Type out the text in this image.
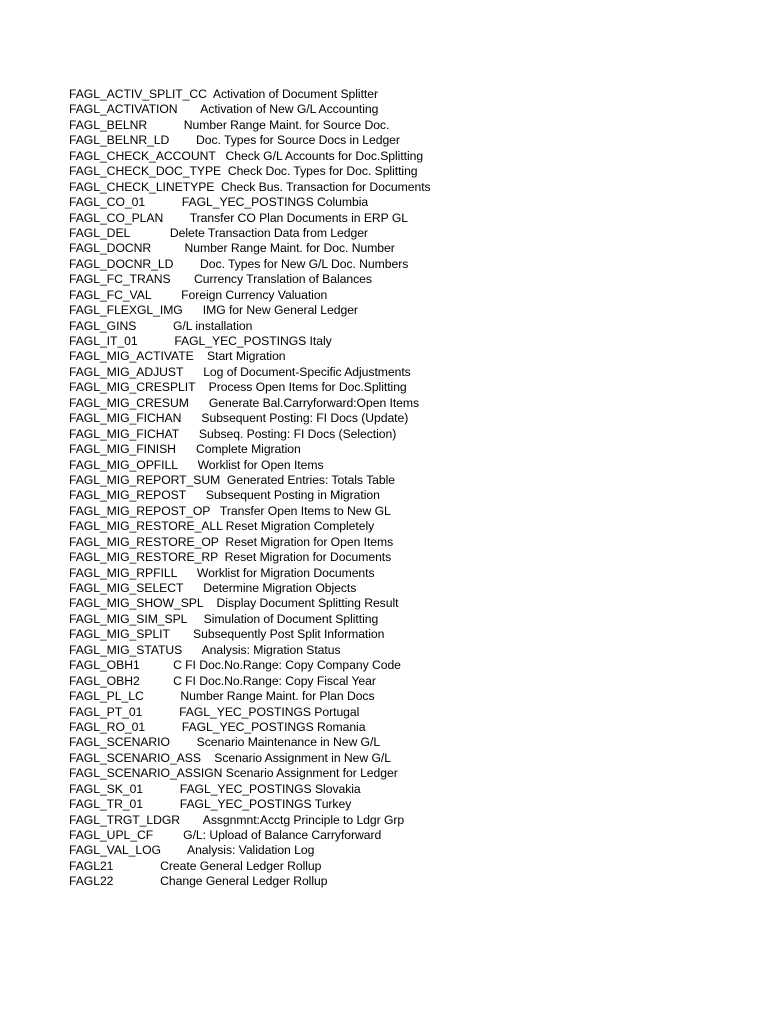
FAGL_ACTIV_SPLIT_CC Activation of Document Splitter
FAGL_ACTIVATION Activation of New G/L Accounting
FAGL_BELNR	Number Range Maint. for Source Doc.
FAGL_BELNR_LD Doc. Types for Source Docs in Ledger
FAGL_CHECK_ACCOUNT Check G/L Accounts for Doc.Splitting
FAGL_CHECK_DOC_TYPE Check Doc. Types for Doc. Splitting
FAGL_CHECK_LINETYPE Check Bus. Transaction for Documents
FAGL_CO_01	FAGL_YEC_POSTINGS Columbia
FAGL_CO_PLAN Transfer CO Plan Documents in ERP GL
FAGL_DEL	Delete Transaction Data from Ledger
FAGL_DOCNR	Number Range Maint. for Doc. Number
FAGL_DOCNR_LD Doc. Types for New G/L Doc. Numbers
FAGL_FC_TRANS Currency Translation of Balances
FAGL_FC_VAL Foreign Currency Valuation
FAGL_FLEXGL_IMG IMG for New General Ledger
FAGL_GINS	G/L installation
FAGL_IT_01	FAGL_YEC_POSTINGS Italy
FAGL_MIG_ACTIVATE Start Migration
FAGL_MIG_ADJUST Log of Document-Specific Adjustments
FAGL_MIG_CRESPLIT Process Open Items for Doc.Splitting
FAGL_MIG_CRESUM Generate Bal.Carryforward:Open Items
FAGL_MIG_FICHAN Subsequent Posting: FI Docs (Update)
FAGL_MIG_FICHAT Subseq. Posting: FI Docs (Selection)
FAGL_MIG_FINISH Complete Migration
FAGL_MIG_OPFILL Worklist for Open Items
FAGL_MIG_REPORT_SUM Generated Entries: Totals Table
FAGL_MIG_REPOST Subsequent Posting in Migration
FAGL_MIG_REPOST_OP Transfer Open Items to New GL
FAGL_MIG_RESTORE_ALL Reset Migration Completely
FAGL_MIG_RESTORE_OP Reset Migration for Open Items
FAGL_MIG_RESTORE_RP Reset Migration for Documents
FAGL_MIG_RPFILL Worklist for Migration Documents
FAGL_MIG_SELECT Determine Migration Objects
FAGL_MIG_SHOW_SPL Display Document Splitting Result
FAGL_MIG_SIM_SPL Simulation of Document Splitting
FAGL_MIG_SPLIT Subsequently Post Split Information
FAGL_MIG_STATUS Analysis: Migration Status
FAGL_OBH1	C FI Doc.No.Range: Copy Company Code
FAGL_OBH2	C FI Doc.No.Range: Copy Fiscal Year
FAGL_PL_LC	Number Range Maint. for Plan Docs
FAGL_PT_01	FAGL_YEC_POSTINGS Portugal
FAGL_RO_01	FAGL_YEC_POSTINGS Romania
FAGL_SCENARIO Scenario Maintenance in New G/L
FAGL_SCENARIO_ASS Scenario Assignment in New G/L
FAGL_SCENARIO_ASSIGN Scenario Assignment for Ledger
FAGL_SK_01	FAGL_YEC_POSTINGS Slovakia
FAGL_TR_01	FAGL_YEC_POSTINGS Turkey
FAGL_TRGT_LDGR Assgnmnt:Acctg Principle to Ldgr Grp
FAGL_UPL_CF G/L: Upload of Balance Carryforward
FAGL_VAL_LOG Analysis: Validation Log
FAGL21	Create General Ledger Rollup
FAGL22	Change General Ledger Rollup
